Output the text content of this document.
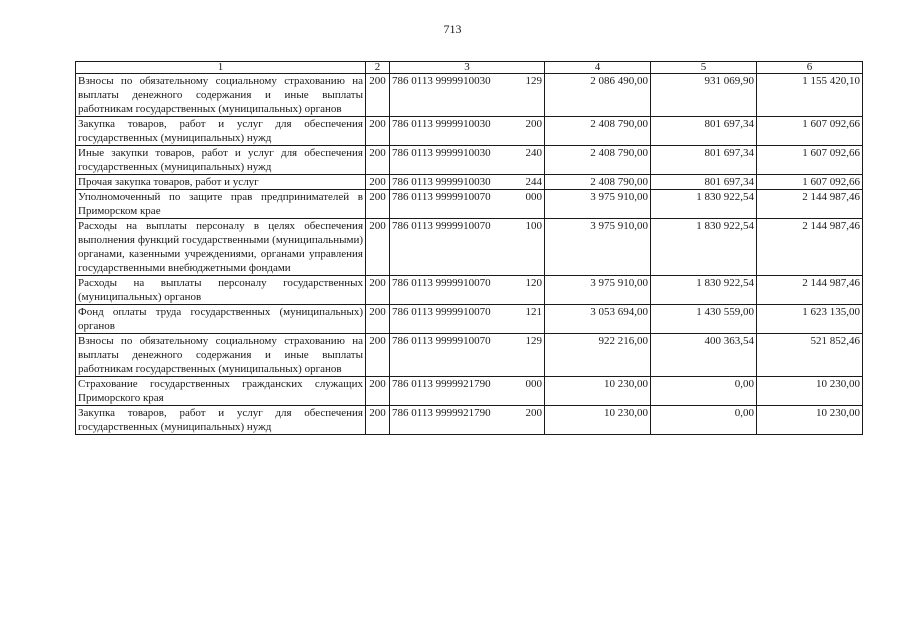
713
1	2	3	4	5	6
Взносы по обязательному социальному страхованию на выплаты денежного содержания и иные выплаты работникам государственных (муниципальных) органов	200	786 0113 9999910030 129	2 086 490,00	931 069,90	1 155 420,10
Закупка товаров, работ и услуг для обеспечения государственных (муниципальных) нужд	200	786 0113 9999910030 200	2 408 790,00	801 697,34	1 607 092,66
Иные закупки товаров, работ и услуг для обеспечения государственных (муниципальных) нужд	200	786 0113 9999910030 240	2 408 790,00	801 697,34	1 607 092,66
Прочая закупка товаров, работ и услуг	200	786 0113 9999910030 244	2 408 790,00	801 697,34	1 607 092,66
Уполномоченный по защите прав предпринимателей в Приморском крае	200	786 0113 9999910070 000	3 975 910,00	1 830 922,54	2 144 987,46
Расходы на выплаты персоналу в целях обеспечения выполнения функций государственными (муниципальными) органами, казенными учреждениями, органами управления государственными внебюджетными фондами	200	786 0113 9999910070 100	3 975 910,00	1 830 922,54	2 144 987,46
Расходы на выплаты персоналу государственных (муниципальных) органов	200	786 0113 9999910070 120	3 975 910,00	1 830 922,54	2 144 987,46
Фонд оплаты труда государственных (муниципальных) органов	200	786 0113 9999910070 121	3 053 694,00	1 430 559,00	1 623 135,00
Взносы по обязательному социальному страхованию на выплаты денежного содержания и иные выплаты работникам государственных (муниципальных) органов	200	786 0113 9999910070 129	922 216,00	400 363,54	521 852,46
Страхование государственных гражданских служащих Приморского края	200	786 0113 9999921790 000	10 230,00	0,00	10 230,00
Закупка товаров, работ и услуг для обеспечения государственных (муниципальных) нужд	200	786 0113 9999921790 200	10 230,00	0,00	10 230,00
